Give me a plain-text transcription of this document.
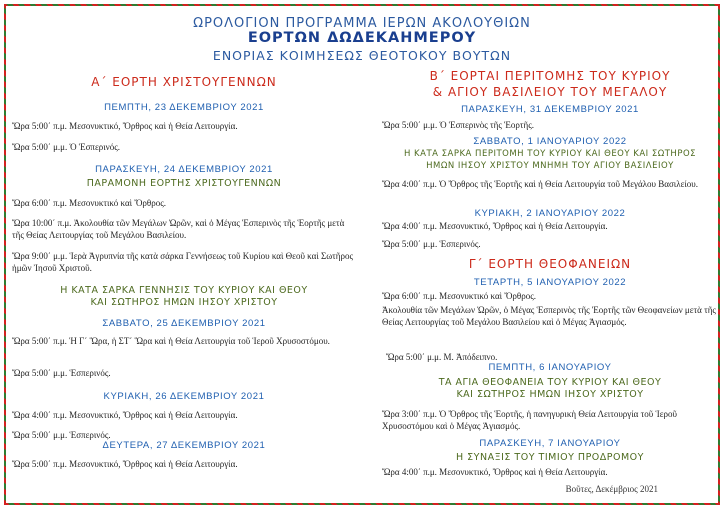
ΩΡΟΛΟΓΙΟΝ ΠΡΟΓΡΑΜΜΑ ΙΕΡΩΝ ΑΚΟΛΟΥΘΙΩΝ
ΕΟΡΤΩΝ ΔΩΔΕΚΑΗΜΕΡΟΥ
ΕΝΟΡΙΑΣ ΚΟΙΜΗΣΕΩΣ ΘΕΟΤΟΚΟΥ ΒΟΥΤΩΝ
Α΄ ΕΟΡΤΗ ΧΡΙΣΤΟΥΓΕΝΝΩΝ
ΠΕΜΠΤΗ, 23 ΔΕΚΕΜΒΡΙΟΥ 2021
Ὥρα 5:00΄ π.μ. Μεσονυκτικό, Ὄρθρος καὶ ἡ Θεία Λειτουργία.
Ὥρα 5:00΄ μ.μ. Ὁ Ἑσπερινός.
ΠΑΡΑΣΚΕΥΗ, 24 ΔΕΚΕΜΒΡΙΟΥ 2021
ΠΑΡΑΜΟΝΗ ΕΟΡΤΗΣ ΧΡΙΣΤΟΥΓΕΝΝΩΝ
Ὥρα 6:00΄ π.μ. Μεσονυκτικό καὶ Ὄρθρος.
Ὥρα 10:00΄ π.μ. Ἀκολουθία τῶν Μεγάλων Ὡρῶν, καὶ ὁ Μέγας Ἑσπερινὸς τῆς Ἑορτῆς μετὰ τῆς Θείας Λειτουργίας τοῦ Μεγάλου Βασιλείου.
Ὥρα 9:00΄ μ.μ. Ἱερὰ Ἀγρυπνία τῆς κατὰ σάρκα Γεννήσεως τοῦ Κυρίου καὶ Θεοῦ καὶ Σωτῆρος ἡμῶν Ἰησοῦ Χριστοῦ.
Η ΚΑΤΑ ΣΑΡΚΑ ΓΕΝΝΗΣΙΣ ΤΟΥ ΚΥΡΙΟΥ ΚΑΙ ΘΕΟΥ
ΚΑΙ ΣΩΤΗΡΟΣ ΗΜΩΝ ΙΗΣΟΥ ΧΡΙΣΤΟΥ
ΣΑΒΒΑΤΟ, 25 ΔΕΚΕΜΒΡΙΟΥ 2021
Ὥρα 5:00΄ π.μ. Ἡ Γ΄ Ὥρα, ἡ ΣΤ΄ Ὥρα καὶ ἡ Θεία Λειτουργία τοῦ Ἱεροῦ Χρυσοστόμου.
Ὥρα 5:00΄ μ.μ. Ἑσπερινός.
ΚΥΡΙΑΚΗ, 26 ΔΕΚΕΜΒΡΙΟΥ 2021
Ὥρα 4:00΄ π.μ. Μεσονυκτικό, Ὄρθρος καὶ ἡ Θεία Λειτουργία.
Ὥρα 5:00΄ μ.μ. Ἑσπερινός.
ΔΕΥΤΕΡΑ, 27 ΔΕΚΕΜΒΡΙΟΥ 2021
Ὥρα 5:00΄ π.μ. Μεσονυκτικό, Ὄρθρος καὶ ἡ Θεία Λειτουργία.
Β΄ ΕΟΡΤΑΙ ΠΕΡΙΤΟΜΗΣ ΤΟΥ ΚΥΡΙΟΥ
& ΑΓΙΟΥ ΒΑΣΙΛΕΙΟΥ ΤΟΥ ΜΕΓΑΛΟΥ
ΠΑΡΑΣΚΕΥΗ, 31 ΔΕΚΕΜΒΡΙΟΥ 2021
Ὥρα 5:00΄ μ.μ. Ὁ Ἑσπερινὸς τῆς Ἑορτῆς.
ΣΑΒΒΑΤΟ, 1 ΙΑΝΟΥΑΡΙΟΥ 2022
Η ΚΑΤΑ ΣΑΡΚΑ ΠΕΡΙΤΟΜΗ ΤΟΥ ΚΥΡΙΟΥ ΚΑΙ ΘΕΟΥ ΚΑΙ ΣΩΤΗΡΟΣ
ΗΜΩΝ ΙΗΣΟΥ ΧΡΙΣΤΟΥ ΜΝΗΜΗ ΤΟΥ ΑΓΙΟΥ ΒΑΣΙΛΕΙΟΥ
Ὥρα 4:00΄ π.μ. Ὁ Ὄρθρος τῆς Ἑορτῆς καὶ ἡ Θεία Λειτουργία τοῦ Μεγάλου Βασιλείου.
ΚΥΡΙΑΚΗ, 2 ΙΑΝΟΥΑΡΙΟΥ 2022
Ὥρα 4:00΄ π.μ. Μεσονυκτικό, Ὄρθρος καὶ ἡ Θεία Λειτουργία.
Ὥρα 5:00΄ μ.μ. Ἑσπερινός.
Γ΄ ΕΟΡΤΗ ΘΕΟΦΑΝΕΙΩΝ
ΤΕΤΑΡΤΗ, 5 ΙΑΝΟΥΑΡΙΟΥ 2022
Ὥρα 6:00΄ π.μ. Μεσονυκτικό καὶ Ὄρθρος.
Ἀκολουθία τῶν Μεγάλων Ὡρῶν, ὁ Μέγας Ἑσπερινὸς τῆς Ἑορτῆς τῶν Θεοφανείων μετὰ τῆς Θείας Λειτουργίας τοῦ Μεγάλου Βασιλείου καὶ ὁ Μέγας Ἁγιασμός.
Ὥρα 5:00΄ μ.μ. Μ. Ἀπόδειπνο.
ΠΕΜΠΤΗ, 6 ΙΑΝΟΥΑΡΙΟΥ
ΤΑ ΑΓΙΑ ΘΕΟΦΑΝΕΙΑ ΤΟΥ ΚΥΡΙΟΥ ΚΑΙ ΘΕΟΥ
ΚΑΙ ΣΩΤΗΡΟΣ ΗΜΩΝ ΙΗΣΟΥ ΧΡΙΣΤΟΥ
Ὥρα 3:00΄ π.μ. Ὁ Ὄρθρος τῆς Ἑορτῆς, ἡ πανηγυρικὴ Θεία Λειτουργία τοῦ Ἱεροῦ Χρυσοστόμου καὶ ὁ Μέγας Ἁγιασμός.
ΠΑΡΑΣΚΕΥΗ, 7 ΙΑΝΟΥΑΡΙΟΥ
Η ΣΥΝΑΞΙΣ ΤΟΥ ΤΙΜΙΟΥ ΠΡΟΔΡΟΜΟΥ
Ὥρα 4:00΄ π.μ. Μεσονυκτικό, Ὄρθρος καὶ ἡ Θεία Λειτουργία.
Βοῦτες, Δεκέμβριος 2021
